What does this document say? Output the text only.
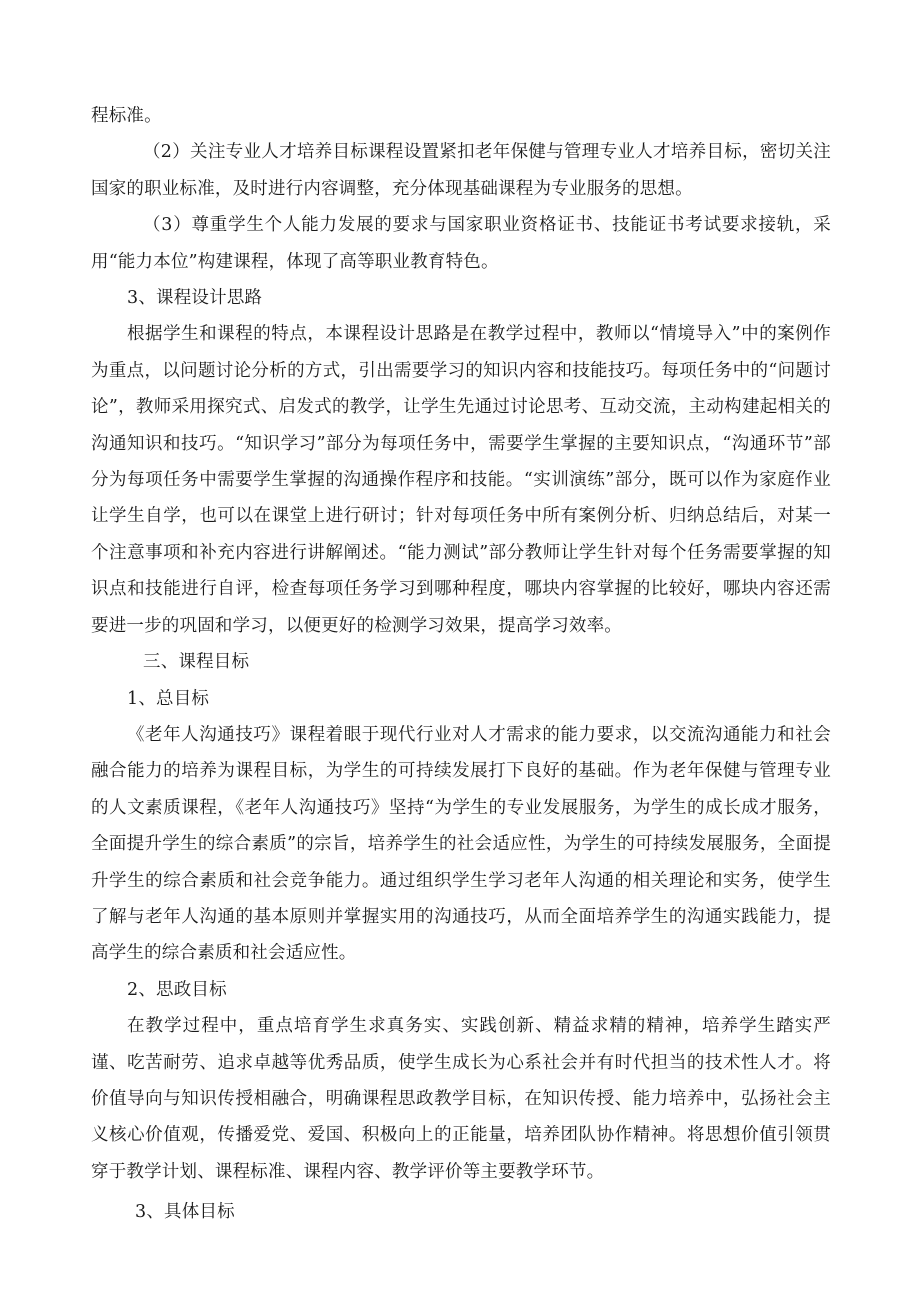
程标准。

（2）关注专业人才培养目标课程设置紧扣老年保健与管理专业人才培养目标，密切关注国家的职业标准，及时进行内容调整，充分体现基础课程为专业服务的思想。

（3）尊重学生个人能力发展的要求与国家职业资格证书、技能证书考试要求接轨，采用“能力本位”构建课程，体现了高等职业教育特色。

3、课程设计思路

根据学生和课程的特点，本课程设计思路是在教学过程中，教师以“情境导入”中的案例作为重点，以问题讨论分析的方式，引出需要学习的知识内容和技能技巧。每项任务中的“问题讨论”，教师采用探究式、启发式的教学，让学生先通过讨论思考、互动交流，主动构建起相关的沟通知识和技巧。“知识学习”部分为每项任务中，需要学生掌握的主要知识点，“沟通环节”部分为每项任务中需要学生掌握的沟通操作程序和技能。“实训演练”部分，既可以作为家庭作业让学生自学，也可以在课堂上进行研讨；针对每项任务中所有案例分析、归纳总结后，对某一个注意事项和补充内容进行讲解阐述。“能力测试”部分教师让学生针对每个任务需要掌握的知识点和技能进行自评，检查每项任务学习到哪种程度，哪块内容掌握的比较好，哪块内容还需要进一步的巩固和学习，以便更好的检测学习效果，提高学习效率。

三、课程目标

1、总目标

《老年人沟通技巧》课程着眼于现代行业对人才需求的能力要求，以交流沟通能力和社会融合能力的培养为课程目标，为学生的可持续发展打下良好的基础。作为老年保健与管理专业的人文素质课程，《老年人沟通技巧》坚持“为学生的专业发展服务，为学生的成长成才服务，全面提升学生的综合素质”的宗旨，培养学生的社会适应性，为学生的可持续发展服务，全面提升学生的综合素质和社会竞争能力。通过组织学生学习老年人沟通的相关理论和实务，使学生了解与老年人沟通的基本原则并掌握实用的沟通技巧，从而全面培养学生的沟通实践能力，提高学生的综合素质和社会适应性。

2、思政目标

在教学过程中，重点培育学生求真务实、实践创新、精益求精的精神，培养学生踏实严谨、吃苦耐劳、追求卓越等优秀品质，使学生成长为心系社会并有时代担当的技术性人才。将价值导向与知识传授相融合，明确课程思政教学目标，在知识传授、能力培养中，弘扬社会主义核心价值观，传播爱党、爱国、积极向上的正能量，培养团队协作精神。将思想价值引领贯穿于教学计划、课程标准、课程内容、教学评价等主要教学环节。

3、具体目标
